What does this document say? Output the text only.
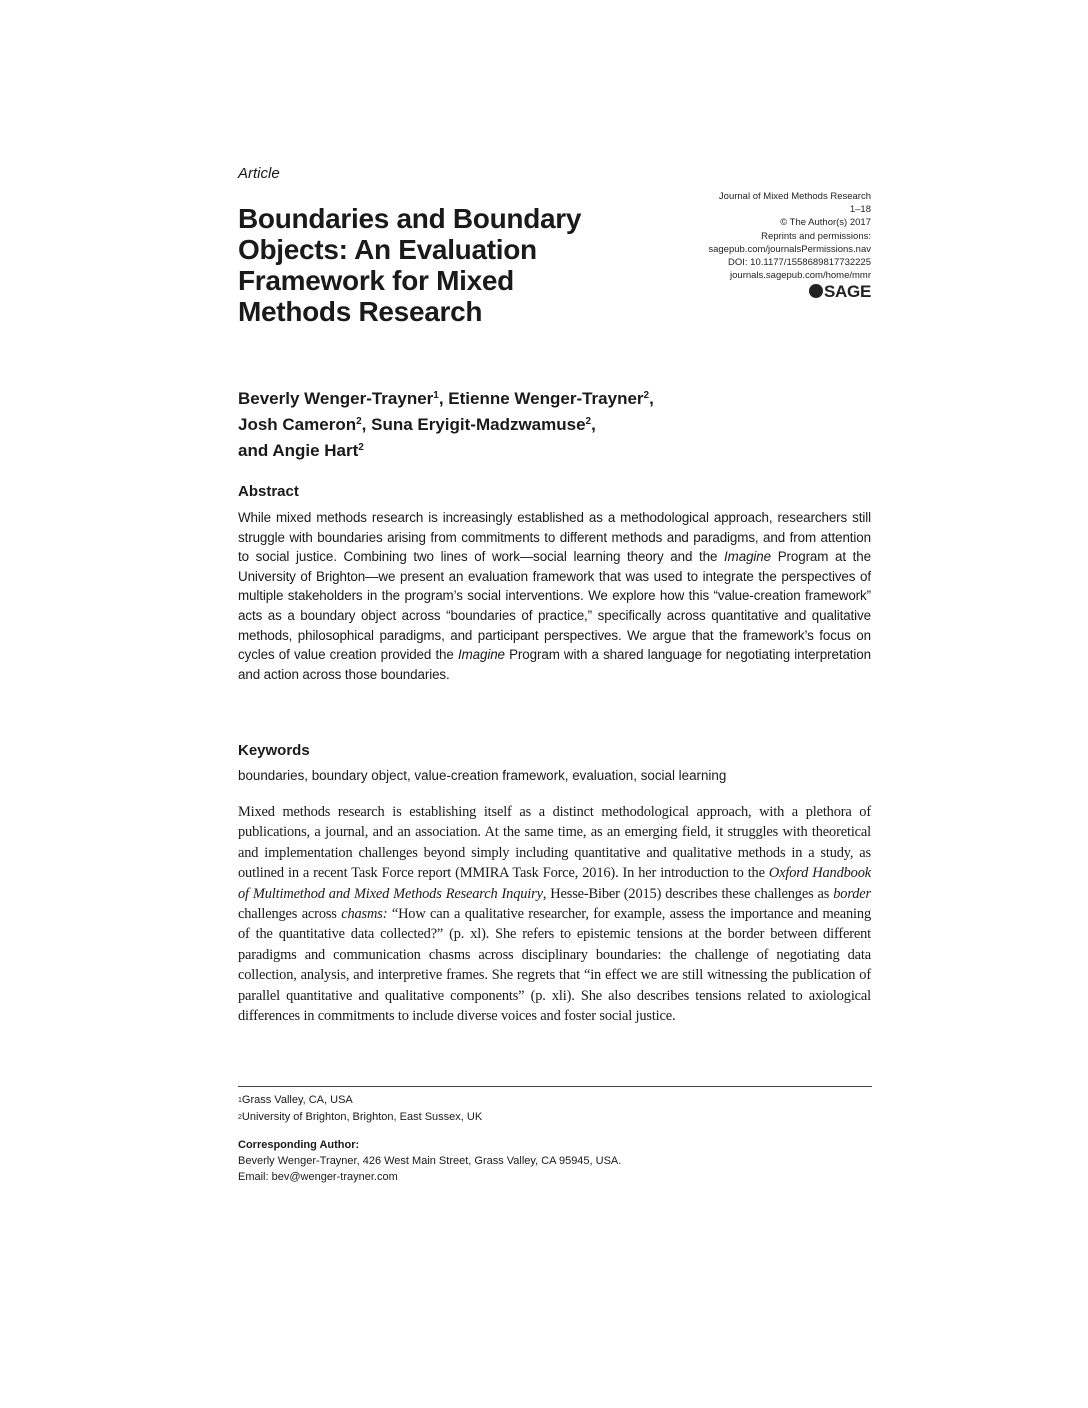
Article
Boundaries and Boundary Objects: An Evaluation Framework for Mixed Methods Research
Journal of Mixed Methods Research
1–18
© The Author(s) 2017
Reprints and permissions:
sagepub.com/journalsPermissions.nav
DOI: 10.1177/1558689817732225
journals.sagepub.com/home/mmr
SAGE
Beverly Wenger-Trayner$^1$, Etienne Wenger-Trayner$^2$,
Josh Cameron$^2$, Suna Eryigit-Madzwamuse$^2$,
and Angie Hart$^2$
Abstract

While mixed methods research is increasingly established as a methodological approach, researchers still struggle with boundaries arising from commitments to different methods and paradigms, and from attention to social justice. Combining two lines of work—social learning theory and the Imagine Program at the University of Brighton—we present an evaluation framework that was used to integrate the perspectives of multiple stakeholders in the program’s social interventions. We explore how this “value-creation framework” acts as a boundary object across “boundaries of practice,” specifically across quantitative and qualitative methods, philosophical paradigms, and participant perspectives. We argue that the framework’s focus on cycles of value creation provided the Imagine Program with a shared language for negotiating interpretation and action across those boundaries.

Keywords

boundaries, boundary object, value-creation framework, evaluation, social learning

Mixed methods research is establishing itself as a distinct methodological approach, with a plethora of publications, a journal, and an association. At the same time, as an emerging field, it struggles with theoretical and implementation challenges beyond simply including quantitative and qualitative methods in a study, as outlined in a recent Task Force report (MMIRA Task Force, 2016). In her introduction to the Oxford Handbook of Multimethod and Mixed Methods Research Inquiry, Hesse-Biber (2015) describes these challenges as border challenges across chasms: “How can a qualitative researcher, for example, assess the importance and meaning of the quantitative data collected?” (p. xl). She refers to epistemic tensions at the border between different paradigms and communication chasms across disciplinary boundaries: the challenge of negotiating data collection, analysis, and interpretive frames. She regrets that “in effect we are still witnessing the publication of parallel quantitative and qualitative components” (p. xli). She also describes tensions related to axiological differences in commitments to include diverse voices and foster social justice.

$^1$Grass Valley, CA, USA
$^2$University of Brighton, Brighton, East Sussex, UK
Corresponding Author:
Beverly Wenger-Trayner, 426 West Main Street, Grass Valley, CA 95945, USA.
Email: bev@wenger-trayner.com
